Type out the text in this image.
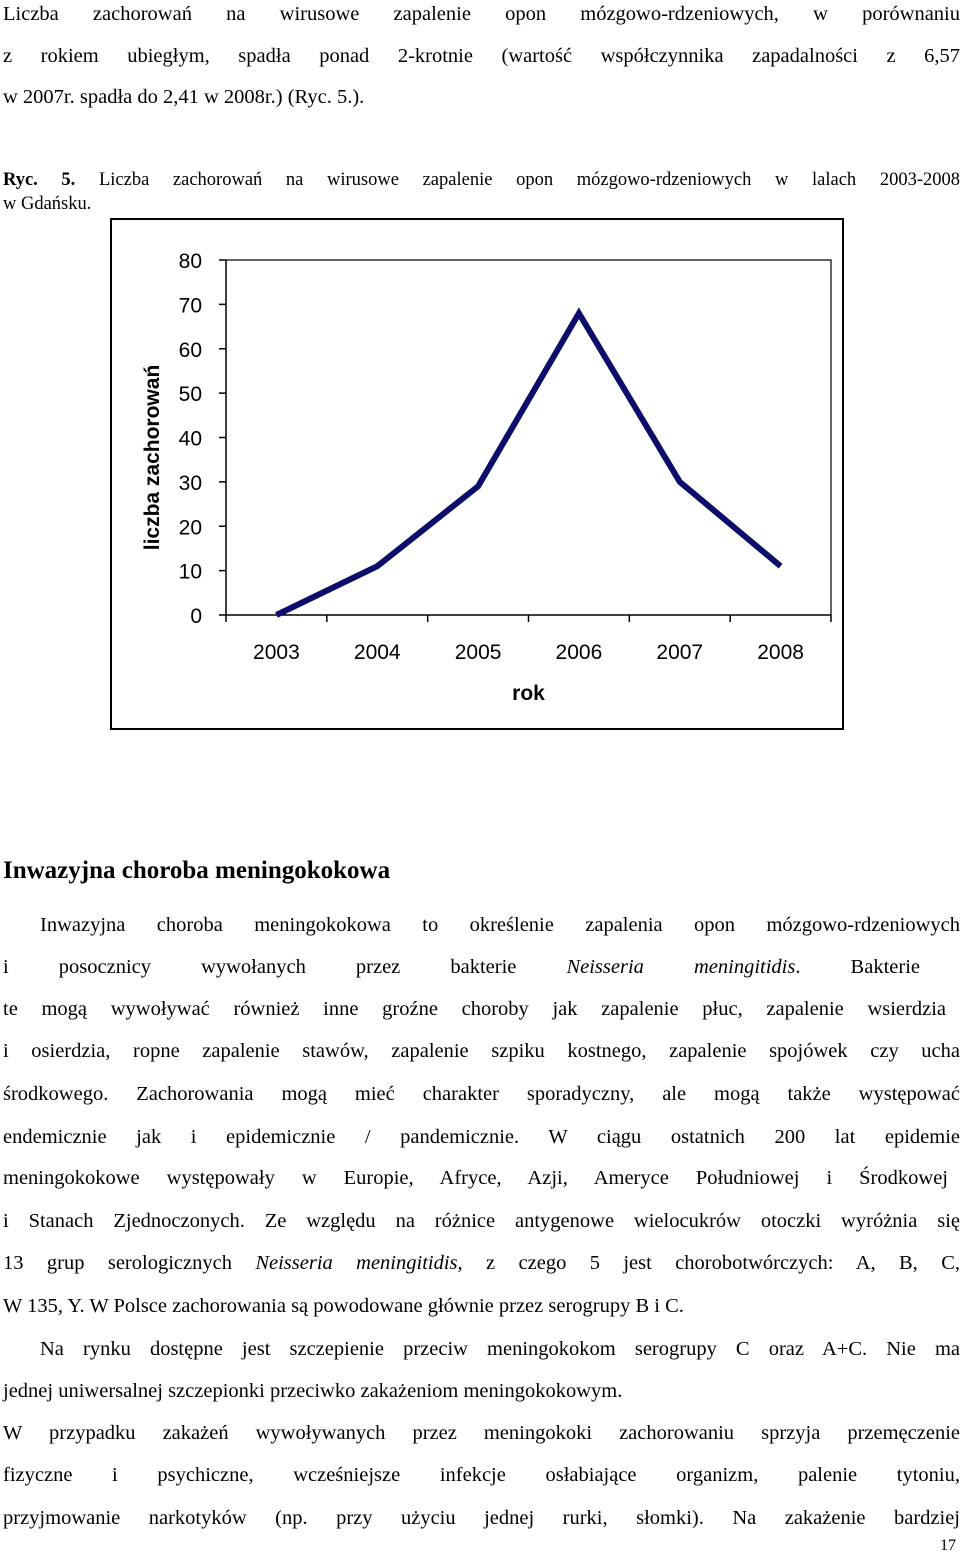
Liczba zachorowań na wirusowe zapalenie opon mózgowo-rdzeniowych, w porównaniu
z rokiem ubiegłym, spadła ponad 2-krotnie (wartość współczynnika zapadalności z 6,57
w 2007r. spadła do 2,41 w 2008r.) (Ryc. 5.).
Ryc. 5. Liczba zachorowań na wirusowe zapalenie opon mózgowo-rdzeniowych w lalach 2003-2008
w Gdańsku.
0
10
20
30
40
50
60
70
80
2003	2004	2005	2006	2007	2008
rok
liczba zachorowań
Inwazyjna choroba meningokokowa
Inwazyjna choroba meningokokowa to określenie zapalenia opon mózgowo-rdzeniowych
i posocznicy wywołanych przez bakterie Neisseria meningitidis. Bakterie
te mogą wywoływać również inne groźne choroby jak zapalenie płuc, zapalenie wsierdzia
i osierdzia, ropne zapalenie stawów, zapalenie szpiku kostnego, zapalenie spojówek czy ucha
środkowego. Zachorowania mogą mieć charakter sporadyczny, ale mogą także występować
endemicznie jak i epidemicznie / pandemicznie. W ciągu ostatnich 200 lat epidemie
meningokokowe występowały w Europie, Afryce, Azji, Ameryce Południowej i Środkowej
i Stanach Zjednoczonych. Ze względu na różnice antygenowe wielocukrów otoczki wyróżnia się
13 grup serologicznych Neisseria meningitidis, z czego 5 jest chorobotwórczych: A, B, C,
W 135, Y. W Polsce zachorowania są powodowane głównie przez serogrupy B i C.
Na rynku dostępne jest szczepienie przeciw meningokokom serogrupy C oraz A+C. Nie ma
jednej uniwersalnej szczepionki przeciwko zakażeniom meningokokowym.
W przypadku zakażeń wywoływanych przez meningokoki zachorowaniu sprzyja przemęczenie
fizyczne i psychiczne, wcześniejsze infekcje osłabiające organizm, palenie tytoniu,
przyjmowanie narkotyków (np. przy użyciu jednej rurki, słomki). Na zakażenie bardziej
17
